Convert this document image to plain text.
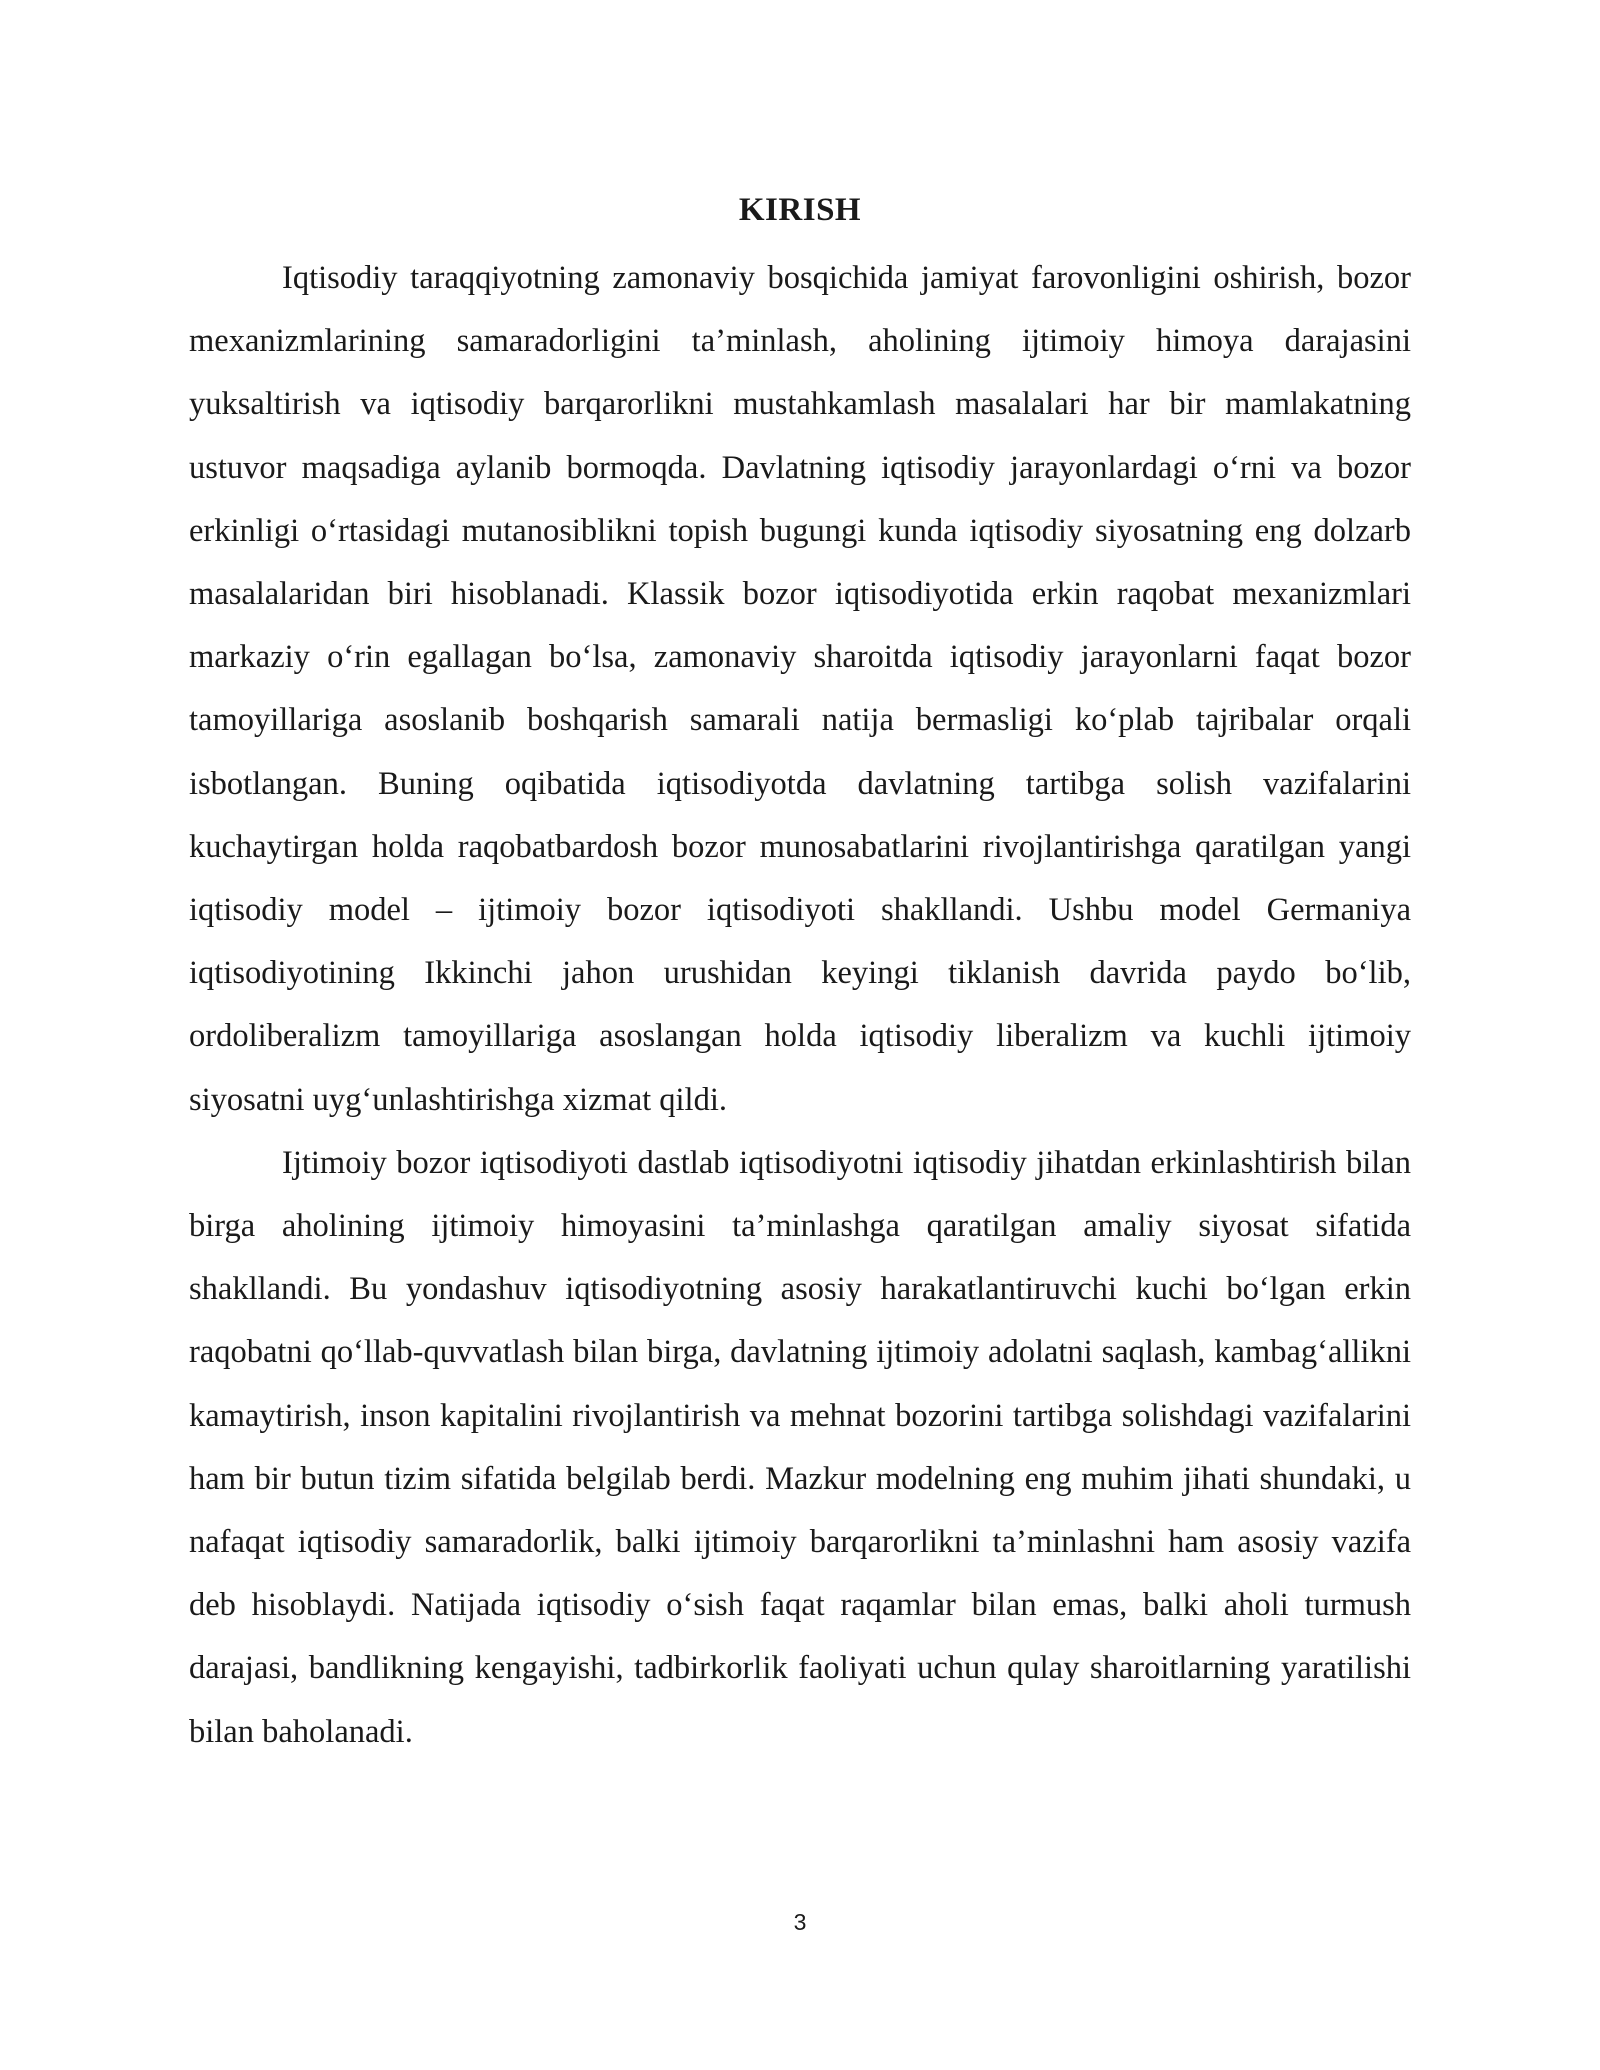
KIRISH

Iqtisodiy taraqqiyotning zamonaviy bosqichida jamiyat farovonligini oshirish, bozor mexanizmlarining samaradorligini ta’minlash, aholining ijtimoiy himoya darajasini yuksaltirish va iqtisodiy barqarorlikni mustahkamlash masalalari har bir mamlakatning ustuvor maqsadiga aylanib bormoqda. Davlatning iqtisodiy jarayonlardagi o‘rni va bozor erkinligi o‘rtasidagi mutanosiblikni topish bugungi kunda iqtisodiy siyosatning eng dolzarb masalalaridan biri hisoblanadi. Klassik bozor iqtisodiyotida erkin raqobat mexanizmlari markaziy o‘rin egallagan bo‘lsa, zamonaviy sharoitda iqtisodiy jarayonlarni faqat bozor tamoyillariga asoslanib boshqarish samarali natija bermasligi ko‘plab tajribalar orqali isbotlangan. Buning oqibatida iqtisodiyotda davlatning tartibga solish vazifalarini kuchaytirgan holda raqobatbardosh bozor munosabatlarini rivojlantirishga qaratilgan yangi iqtisodiy model – ijtimoiy bozor iqtisodiyoti shakllandi. Ushbu model Germaniya iqtisodiyotining Ikkinchi jahon urushidan keyingi tiklanish davrida paydo bo‘lib, ordoliberalizm tamoyillariga asoslangan holda iqtisodiy liberalizm va kuchli ijtimoiy siyosatni uyg‘unlashtirishga xizmat qildi.

Ijtimoiy bozor iqtisodiyoti dastlab iqtisodiyotni iqtisodiy jihatdan erkinlashtirish bilan birga aholining ijtimoiy himoyasini ta’minlashga qaratilgan amaliy siyosat sifatida shakllandi. Bu yondashuv iqtisodiyotning asosiy harakatlantiruvchi kuchi bo‘lgan erkin raqobatni qo‘llab-quvvatlash bilan birga, davlatning ijtimoiy adolatni saqlash, kambag‘allikni kamaytirish, inson kapitalini rivojlantirish va mehnat bozorini tartibga solishdagi vazifalarini ham bir butun tizim sifatida belgilab berdi. Mazkur modelning eng muhim jihati shundaki, u nafaqat iqtisodiy samaradorlik, balki ijtimoiy barqarorlikni ta’minlashni ham asosiy vazifa deb hisoblaydi. Natijada iqtisodiy o‘sish faqat raqamlar bilan emas, balki aholi turmush darajasi, bandlikning kengayishi, tadbirkorlik faoliyati uchun qulay sharoitlarning yaratilishi bilan baholanadi.

3
